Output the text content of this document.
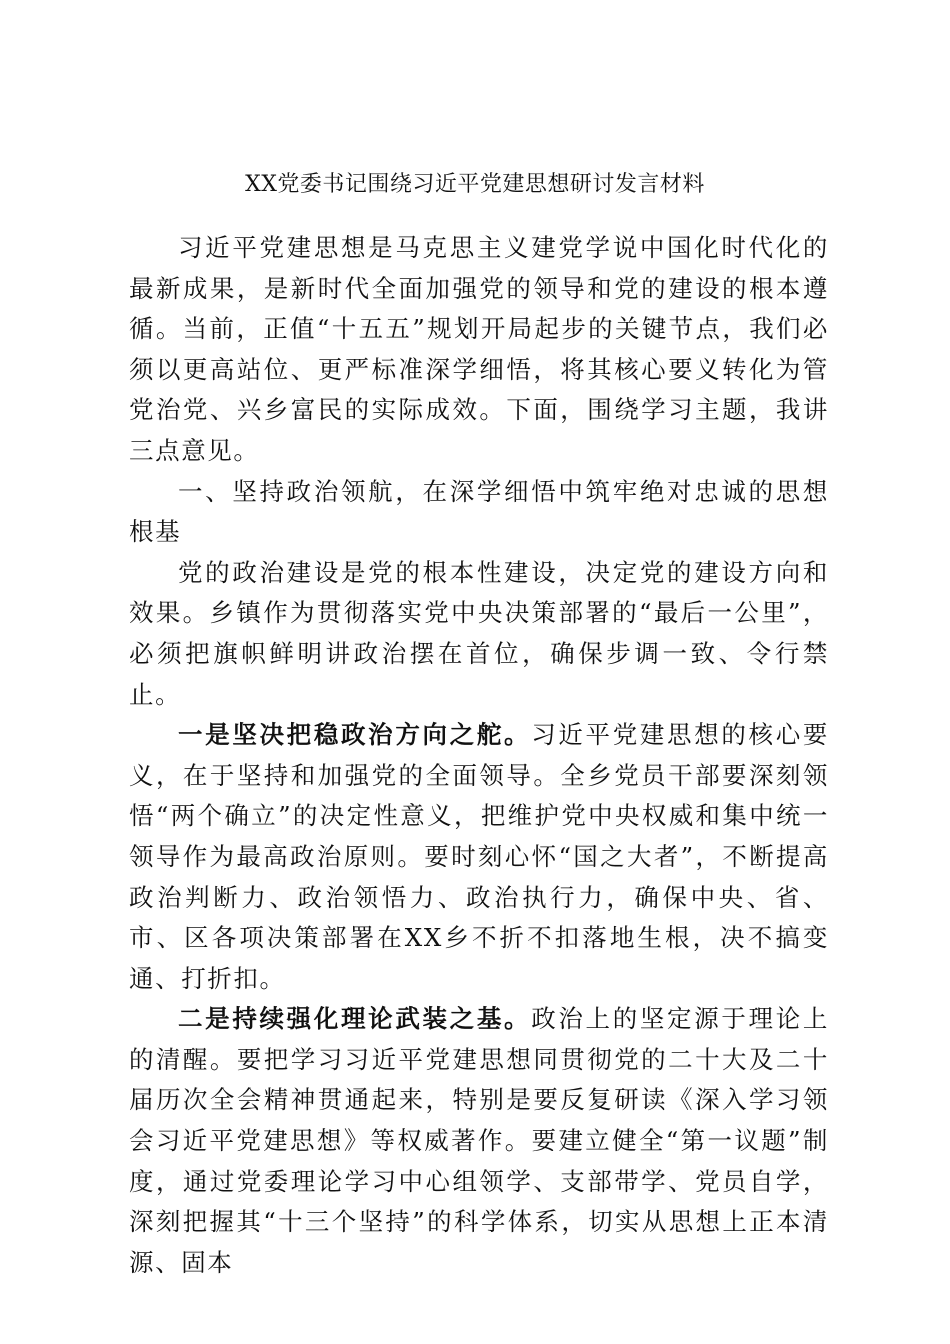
XX党委书记围绕习近平党建思想研讨发言材料

习近平党建思想是马克思主义建党学说中国化时代化的最新成果，是新时代全面加强党的领导和党的建设的根本遵循。当前，正值“十五五”规划开局起步的关键节点，我们必须以更高站位、更严标准深学细悟，将其核心要义转化为管党治党、兴乡富民的实际成效。下面，围绕学习主题，我讲三点意见。

一、坚持政治领航，在深学细悟中筑牢绝对忠诚的思想根基

党的政治建设是党的根本性建设，决定党的建设方向和效果。乡镇作为贯彻落实党中央决策部署的“最后一公里”，必须把旗帜鲜明讲政治摆在首位，确保步调一致、令行禁止。

一是坚决把稳政治方向之舵。习近平党建思想的核心要义，在于坚持和加强党的全面领导。全乡党员干部要深刻领悟“两个确立”的决定性意义，把维护党中央权威和集中统一领导作为最高政治原则。要时刻心怀“国之大者”，不断提高政治判断力、政治领悟力、政治执行力，确保中央、省、市、区各项决策部署在XX乡不折不扣落地生根，决不搞变通、打折扣。

二是持续强化理论武装之基。政治上的坚定源于理论上的清醒。要把学习习近平党建思想同贯彻党的二十大及二十届历次全会精神贯通起来，特别是要反复研读《深入学习领会习近平党建思想》等权威著作。要建立健全“第一议题”制度，通过党委理论学习中心组领学、支部带学、党员自学，深刻把握其“十三个坚持”的科学体系，切实从思想上正本清源、固本
